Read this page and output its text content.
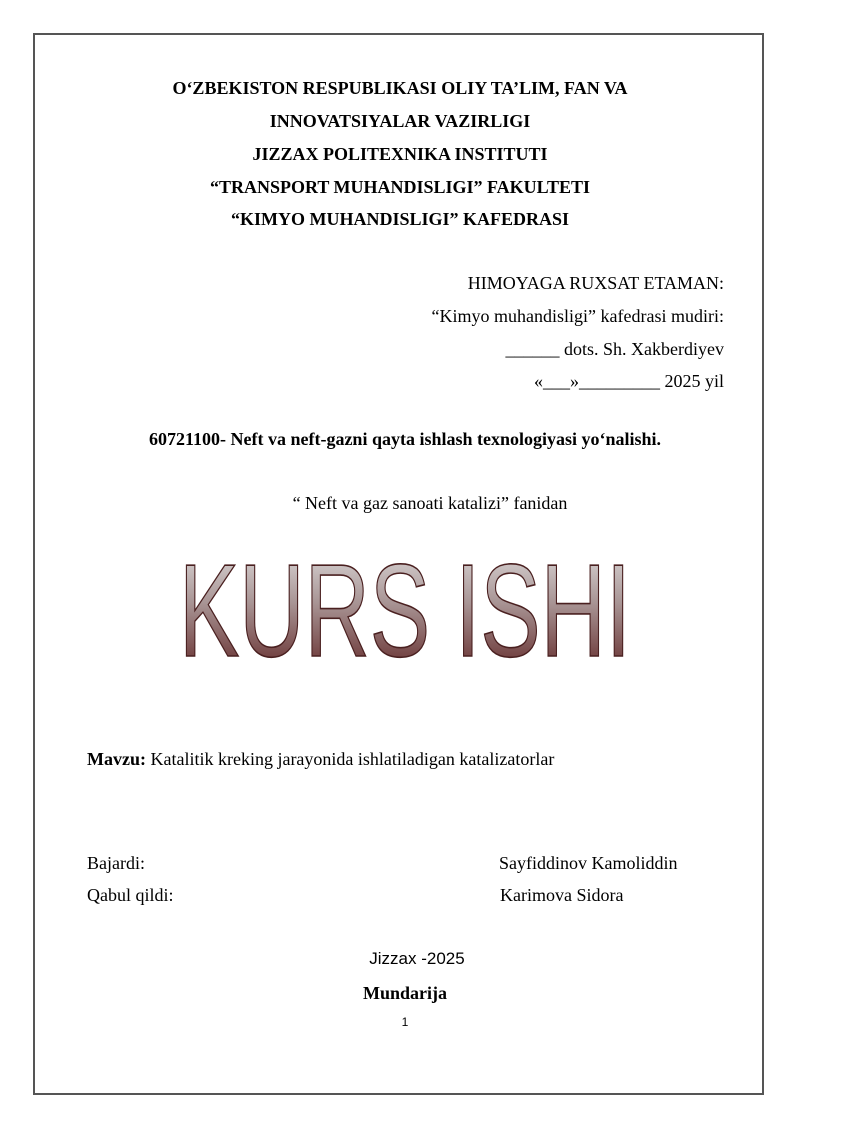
O‘ZBEKISTON RESPUBLIKASI OLIY TA’LIM, FAN VA
INNOVATSIYALAR VAZIRLIGI
JIZZAX POLITEXNIKA INSTITUTI
“TRANSPORT MUHANDISLIGI” FAKULTETI
“KIMYO MUHANDISLIGI” KAFEDRASI
HIMOYAGA RUXSAT ETAMAN:
“Kimyo muhandisligi” kafedrasi mudiri:
______ dots. Sh. Xakberdiyev
«___»_________ 2025 yil
60721100- Neft va neft-gazni qayta ishlash texnologiyasi yo‘nalishi.
“ Neft va gaz sanoati katalizi” fanidan
KURS ISHI
Mavzu: Katalitik kreking jarayonida ishlatiladigan katalizatorlar
Bajardi:	Sayfiddinov Kamoliddin
Qabul qildi:	Karimova Sidora
Jizzax -2025
Mundarija
1
